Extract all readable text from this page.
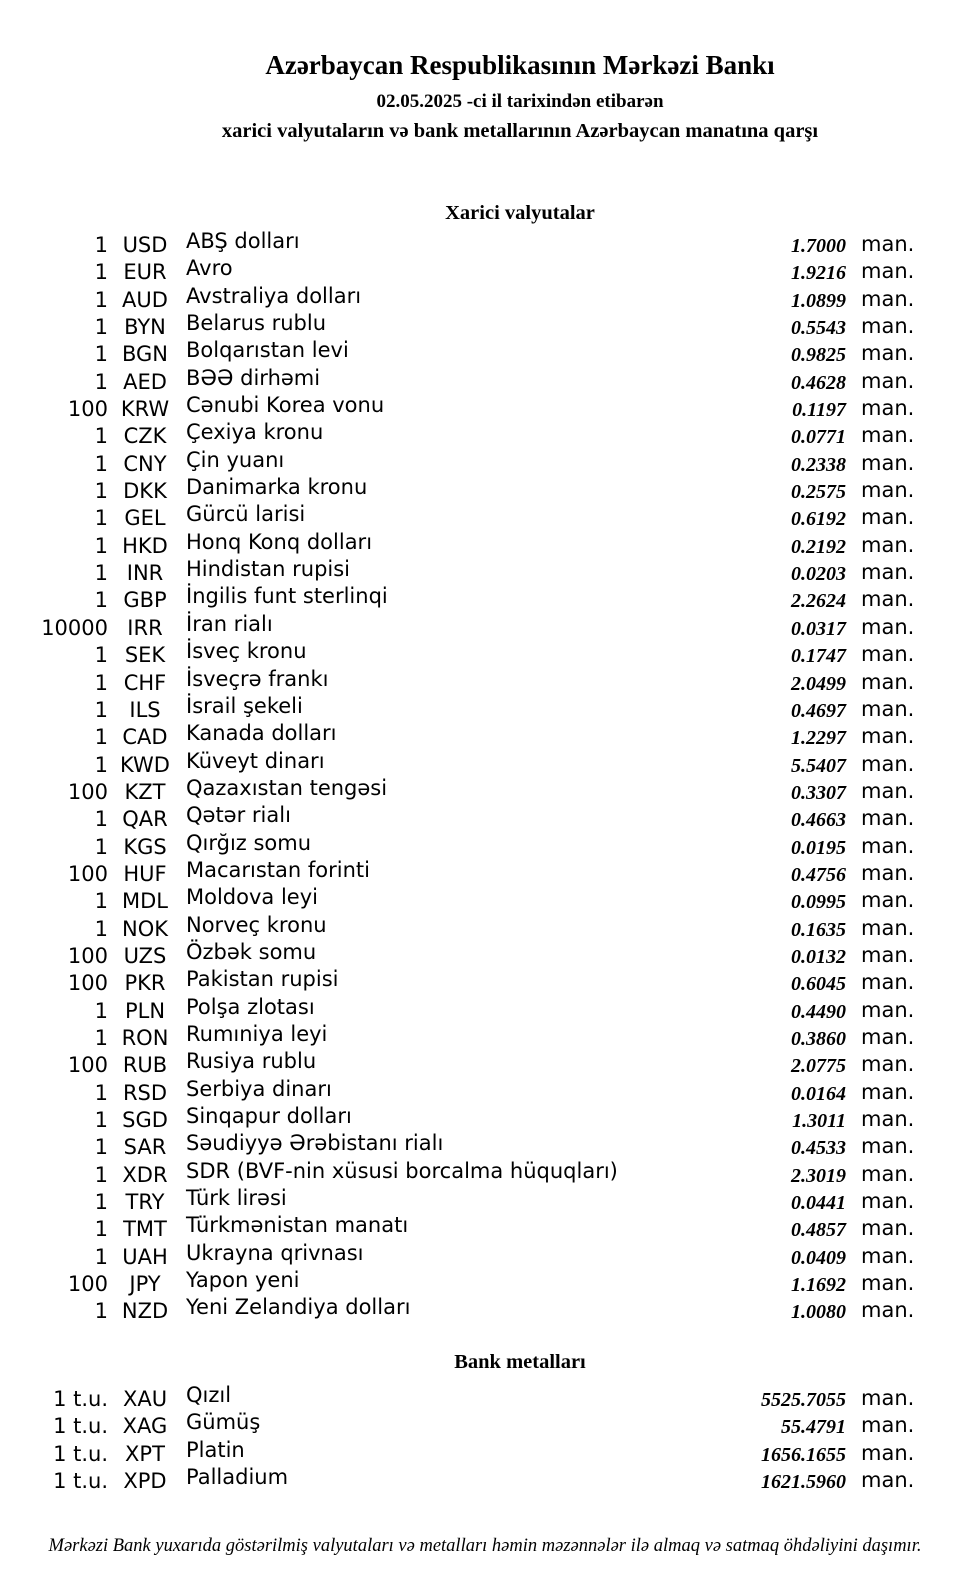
Azərbaycan Respublikasının Mərkəzi Bankı
02.05.2025 -ci il tarixindən etibarən
xarici valyutaların və bank metallarının Azərbaycan manatına qarşı
Xarici valyutalar
1 USD ABŞ dolları	1.7000 man.
1 EUR Avro	1.9216 man.
1 AUD Avstraliya dolları	1.0899 man.
1 BYN Belarus rublu	0.5543 man.
1 BGN Bolqarıstan levi	0.9825 man.
1 AED BƏƏ dirhəmi	0.4628 man.
100 KRW Cənubi Korea vonu	0.1197 man.
1 CZK Çexiya kronu	0.0771 man.
1 CNY Çin yuanı	0.2338 man.
1 DKK Danimarka kronu	0.2575 man.
1 GEL Gürcü larisi	0.6192 man.
1 HKD Honq Konq dolları	0.2192 man.
1 INR	Hindistan rupisi	0.0203 man.
1 GBP İngilis funt sterlinqi	2.2624 man.
10000 IRR	İran rialı	0.0317 man.
1 SEK İsveç kronu	0.1747 man.
1 CHF İsveçrə frankı	2.0499 man.
1	ILS	İsrail şekeli	0.4697 man.
1 CAD Kanada dolları	1.2297 man.
1 KWD Küveyt dinarı	5.5407 man.
100 KZT Qazaxıstan tengəsi	0.3307 man.
1 QAR Qətər rialı	0.4663 man.
1 KGS Qırğız somu	0.0195 man.
100 HUF Macarıstan forinti	0.4756 man.
1 MDL Moldova leyi	0.0995 man.
1 NOK Norveç kronu	0.1635 man.
100 UZS Özbək somu	0.0132 man.
100 PKR Pakistan rupisi	0.6045 man.
1 PLN Polşa zlotası	0.4490 man.
1 RON Rumıniya leyi	0.3860 man.
100 RUB Rusiya rublu	2.0775 man.
1 RSD Serbiya dinarı	0.0164 man.
1 SGD Sinqapur dolları	1.3011 man.
1 SAR Səudiyyə Ərəbistanı rialı	0.4533 man.
1 XDR SDR (BVF-nin xüsusi borcalma hüquqları)	2.3019 man.
1 TRY	Türk lirəsi	0.0441 man.
1 TMT Türkmənistan manatı	0.4857 man.
1 UAH Ukrayna qrivnası	0.0409 man.
100	JPY	Yapon yeni	1.1692 man.
1 NZD Yeni Zelandiya dolları	1.0080 man.
Bank metalları
1 t.u. XAU Qızıl	5525.7055 man.
1 t.u. XAG Gümüş	55.4791 man.
1 t.u. XPT	Platin	1656.1655 man.
1 t.u. XPD Palladium	1621.5960 man.
Mərkəzi Bank yuxarıda göstərilmiş valyutaları və metalları həmin məzənnələr ilə almaq və satmaq öhdəliyini daşımır.
